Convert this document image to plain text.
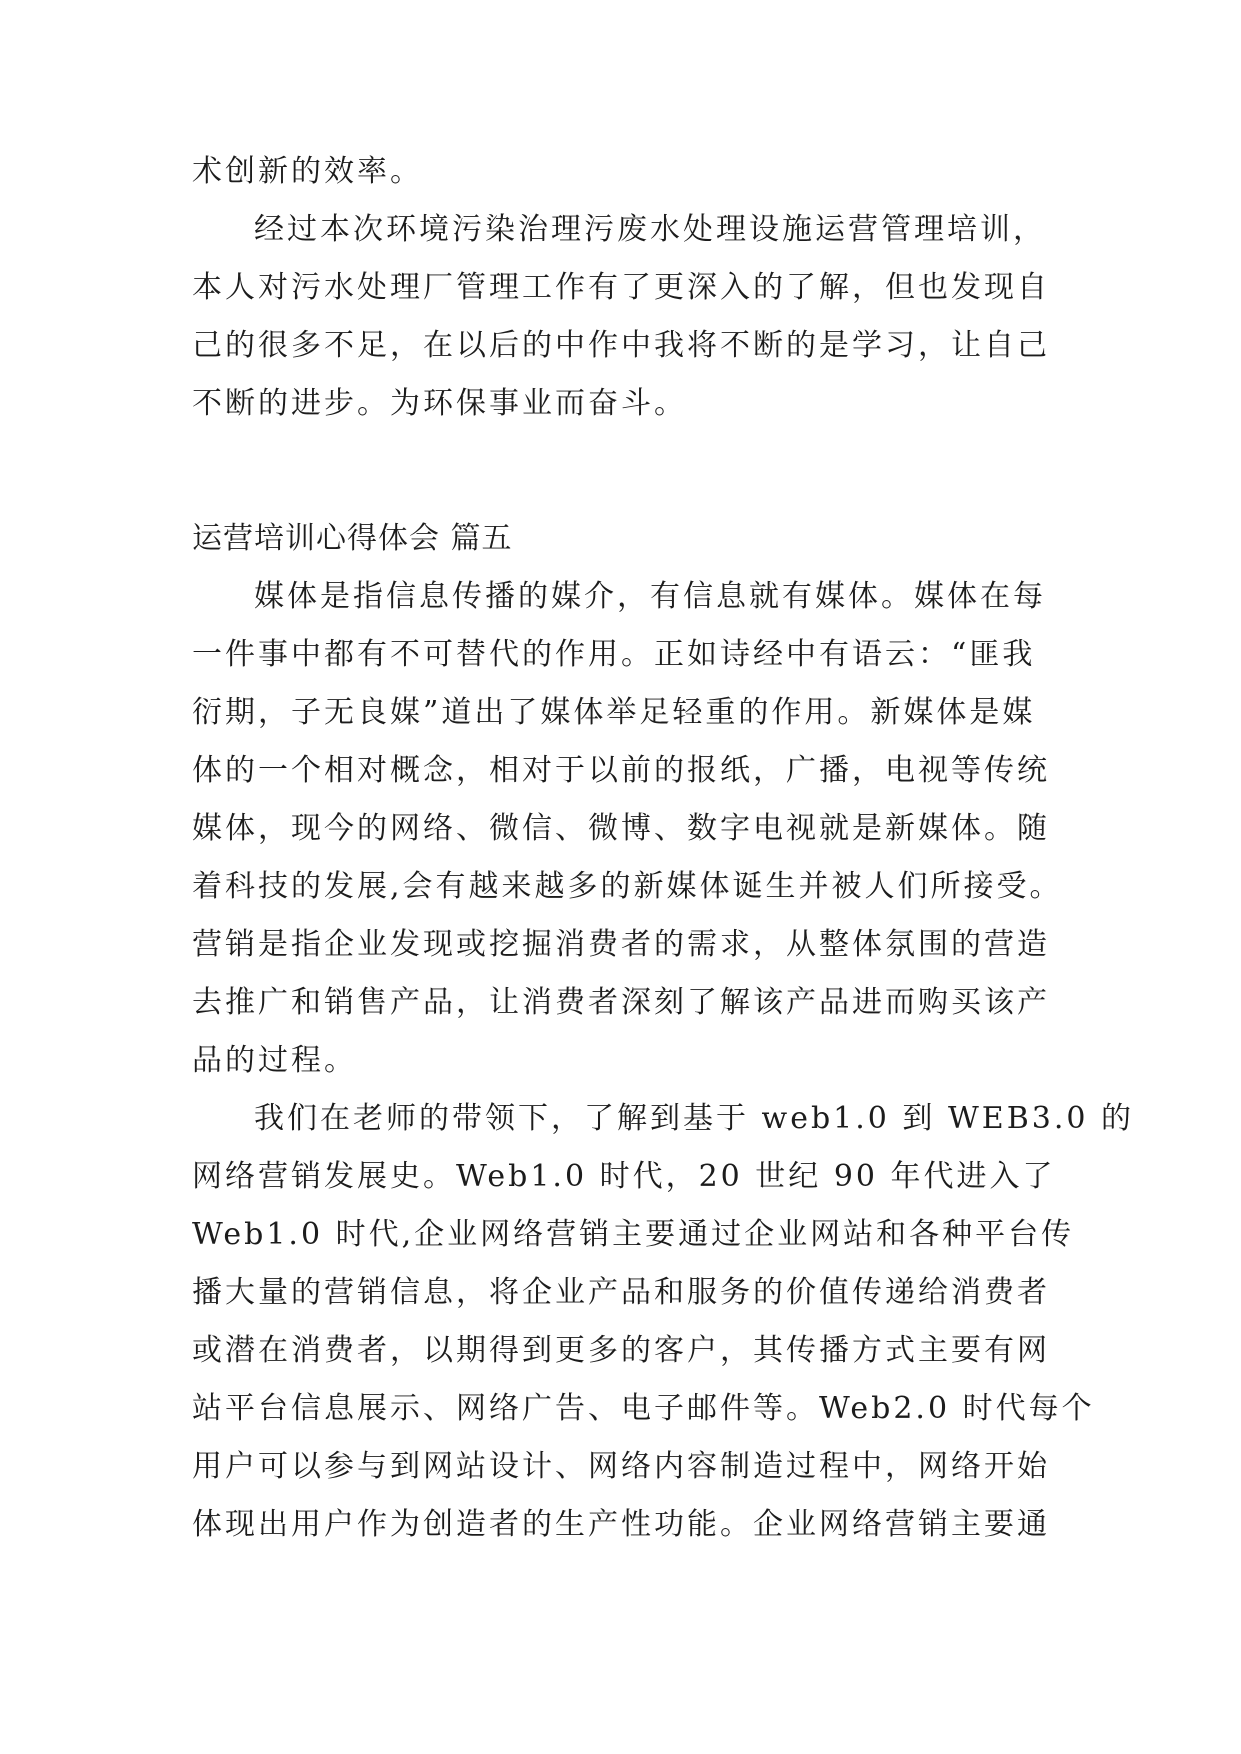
术创新的效率。
经过本次环境污染治理污废水处理设施运营管理培训，
本人对污水处理厂管理工作有了更深入的了解，但也发现自
己的很多不足，在以后的中作中我将不断的是学习，让自己
不断的进步。为环保事业而奋斗。
运营培训心得体会 篇五
媒体是指信息传播的媒介，有信息就有媒体。媒体在每
一件事中都有不可替代的作用。正如诗经中有语云：“匪我
衍期，子无良媒”道出了媒体举足轻重的作用。新媒体是媒
体的一个相对概念，相对于以前的报纸，广播，电视等传统
媒体，现今的网络、微信、微博、数字电视就是新媒体。随
着科技的发展,会有越来越多的新媒体诞生并被人们所接受。
营销是指企业发现或挖掘消费者的需求，从整体氛围的营造
去推广和销售产品，让消费者深刻了解该产品进而购买该产
品的过程。
我们在老师的带领下，了解到基于 web1.0 到 WEB3.0 的
网络营销发展史。Web1.0 时代，20 世纪 90 年代进入了
Web1.0 时代,企业网络营销主要通过企业网站和各种平台传
播大量的营销信息，将企业产品和服务的价值传递给消费者
或潜在消费者，以期得到更多的客户，其传播方式主要有网
站平台信息展示、网络广告、电子邮件等。Web2.0 时代每个
用户可以参与到网站设计、网络内容制造过程中，网络开始
体现出用户作为创造者的生产性功能。企业网络营销主要通
